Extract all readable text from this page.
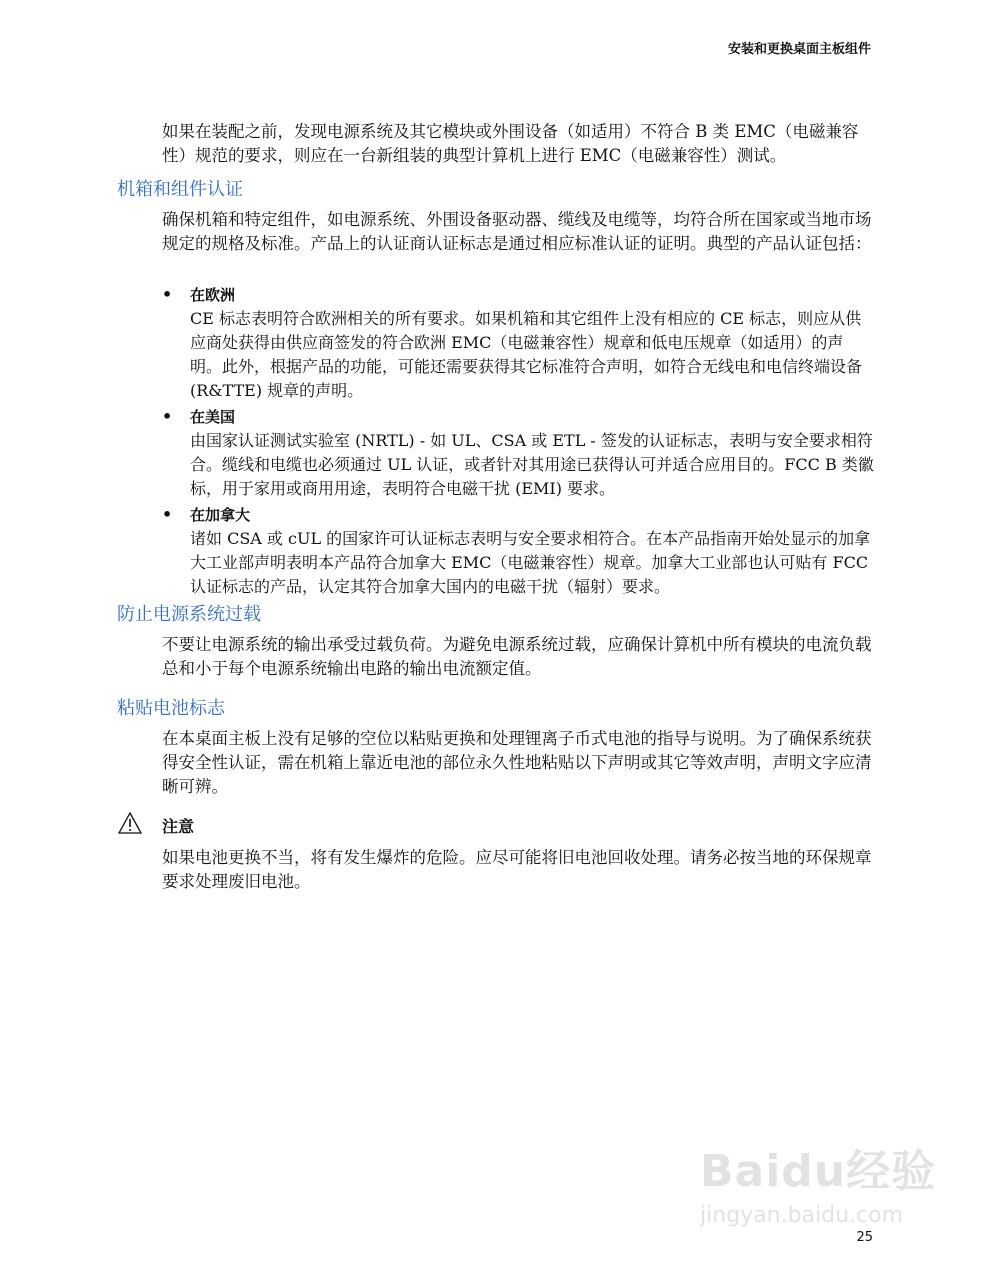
安装和更换桌面主板组件
如果在装配之前，发现电源系统及其它模块或外围设备（如适用）不符合 B 类 EMC（电磁兼容性）规范的要求，则应在一台新组装的典型计算机上进行 EMC（电磁兼容性）测试。
机箱和组件认证
确保机箱和特定组件，如电源系统、外围设备驱动器、缆线及电缆等，均符合所在国家或当地市场规定的规格及标准。产品上的认证商认证标志是通过相应标准认证的证明。典型的产品认证包括：
• 在欧洲
CE 标志表明符合欧洲相关的所有要求。如果机箱和其它组件上没有相应的 CE 标志，则应从供应商处获得由供应商签发的符合欧洲 EMC（电磁兼容性）规章和低电压规章（如适用）的声明。此外，根据产品的功能，可能还需要获得其它标准符合声明，如符合无线电和电信终端设备 (R&TTE) 规章的声明。
• 在美国
由国家认证测试实验室 (NRTL) - 如 UL、CSA 或 ETL - 签发的认证标志，表明与安全要求相符合。缆线和电缆也必须通过 UL 认证，或者针对其用途已获得认可并适合应用目的。FCC B 类徽标，用于家用或商用用途，表明符合电磁干扰 (EMI) 要求。
• 在加拿大
诸如 CSA 或 cUL 的国家许可认证标志表明与安全要求相符合。在本产品指南开始处显示的加拿大工业部声明表明本产品符合加拿大 EMC（电磁兼容性）规章。加拿大工业部也认可贴有 FCC 认证标志的产品，认定其符合加拿大国内的电磁干扰（辐射）要求。
防止电源系统过载
不要让电源系统的输出承受过载负荷。为避免电源系统过载，应确保计算机中所有模块的电流负载总和小于每个电源系统输出电路的输出电流额定值。
粘贴电池标志
在本桌面主板上没有足够的空位以粘贴更换和处理锂离子币式电池的指导与说明。为了确保系统获得安全性认证，需在机箱上靠近电池的部位永久性地粘贴以下声明或其它等效声明，声明文字应清晰可辨。
注意
如果电池更换不当，将有发生爆炸的危险。应尽可能将旧电池回收处理。请务必按当地的环保规章要求处理废旧电池。
Baidu经验
jingyan.baidu.com
25
